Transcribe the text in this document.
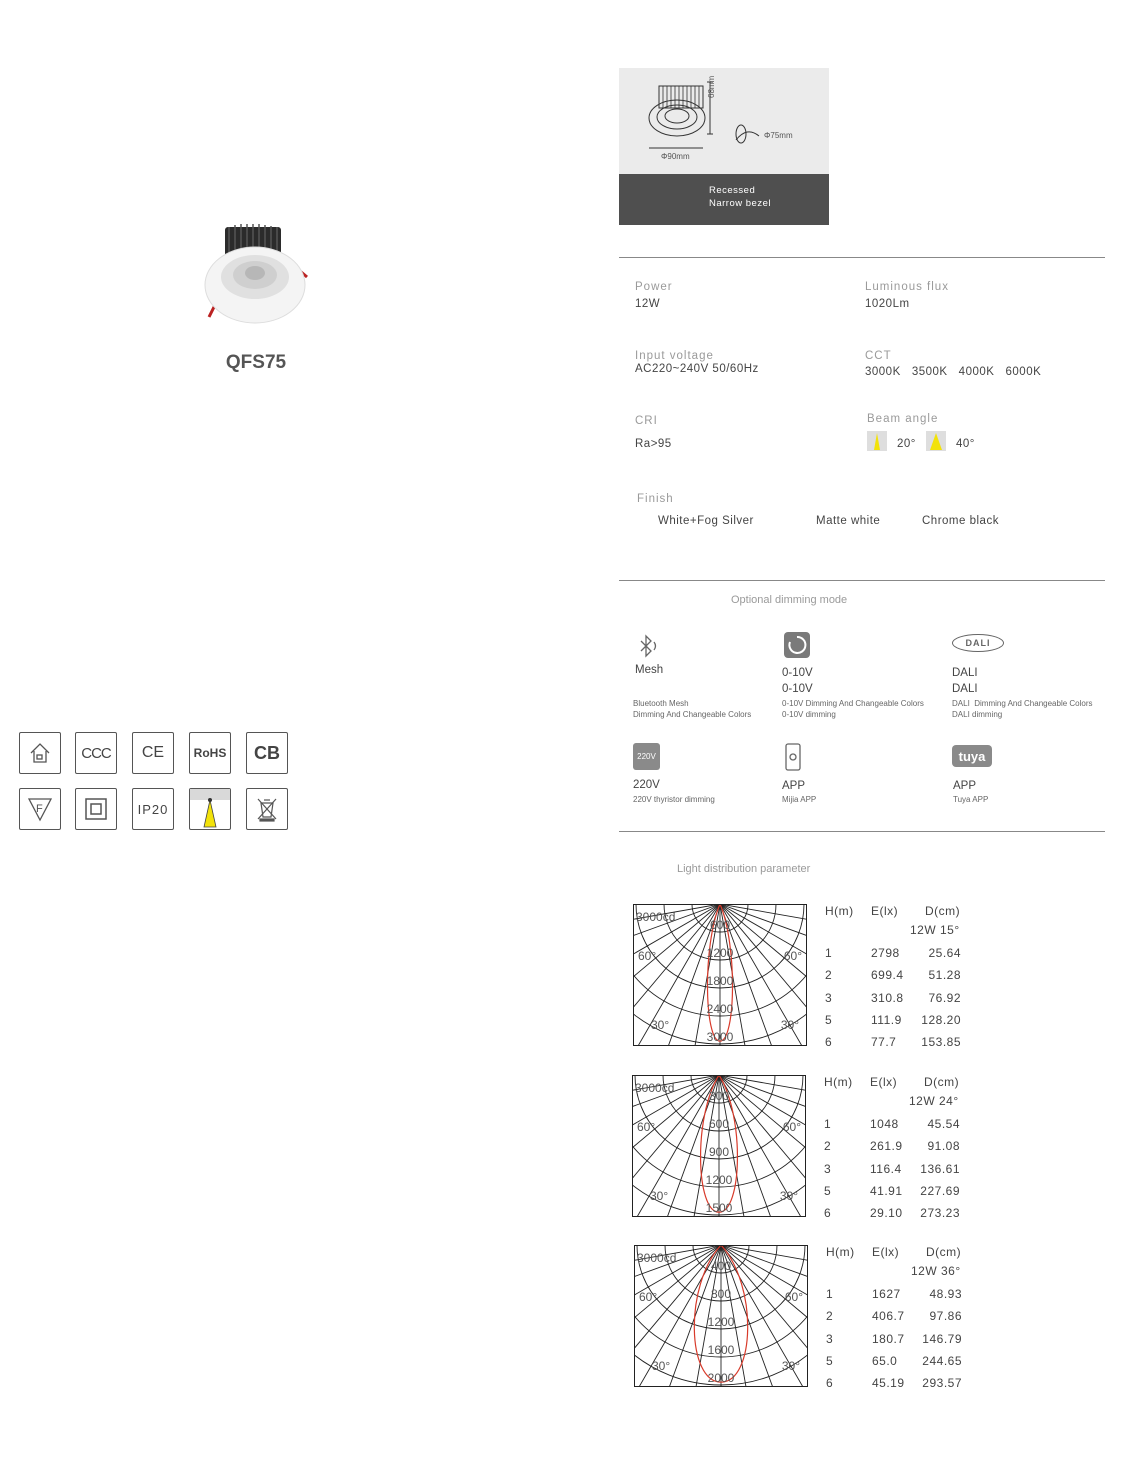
QFS75
CCC CE RoHS CB
F	IP20
68mm
Φ90mm
Φ75mm
Recessed
Narrow bezel
Power
12W
Luminous flux
1020Lm
Input voltage
AC220~240V 50/60Hz
CCT
3000K   3500K   4000K   6000K
CRI
Ra>95
Beam angle
20°	40°
Finish
White+Fog Silver	Matte white	Chrome black
Optional dimming mode
Mesh
Bluetooth Mesh
Dimming And Changeable Colors
0-10V
0-10V
0-10V Dimming And Changeable Colors
0-10V dimming
DALI
DALI
DALI
DALI  Dimming And Changeable Colors
DALI dimming
220V
220V
220V thyristor dimming
APP
Mijia APP
tuya
APP
Tuya APP
Light distribution parameter
3000cd
60°	60°
30°	30°
600
1200
1800
2400
3000
H(m) E(lx) D(cm)
12W 15°
1	2798 25.64
2	699.4 51.28
3	310.8 76.92
5	111.9 128.20
6	77.7 153.85
3000cd
60°	60°
30°	30°
300
600
900
1200
1500
H(m) E(lx) D(cm)
12W 24°
1	1048 45.54
2	261.9 91.08
3	116.4 136.61
5	41.91 227.69
6	29.10 273.23
3000cd
60°	60°
30°	30°
400
800
1200
1600
2000
H(m) E(lx) D(cm)
12W 36°
1	1627 48.93
2	406.7 97.86
3	180.7 146.79
5	65.0 244.65
6	45.19 293.57
